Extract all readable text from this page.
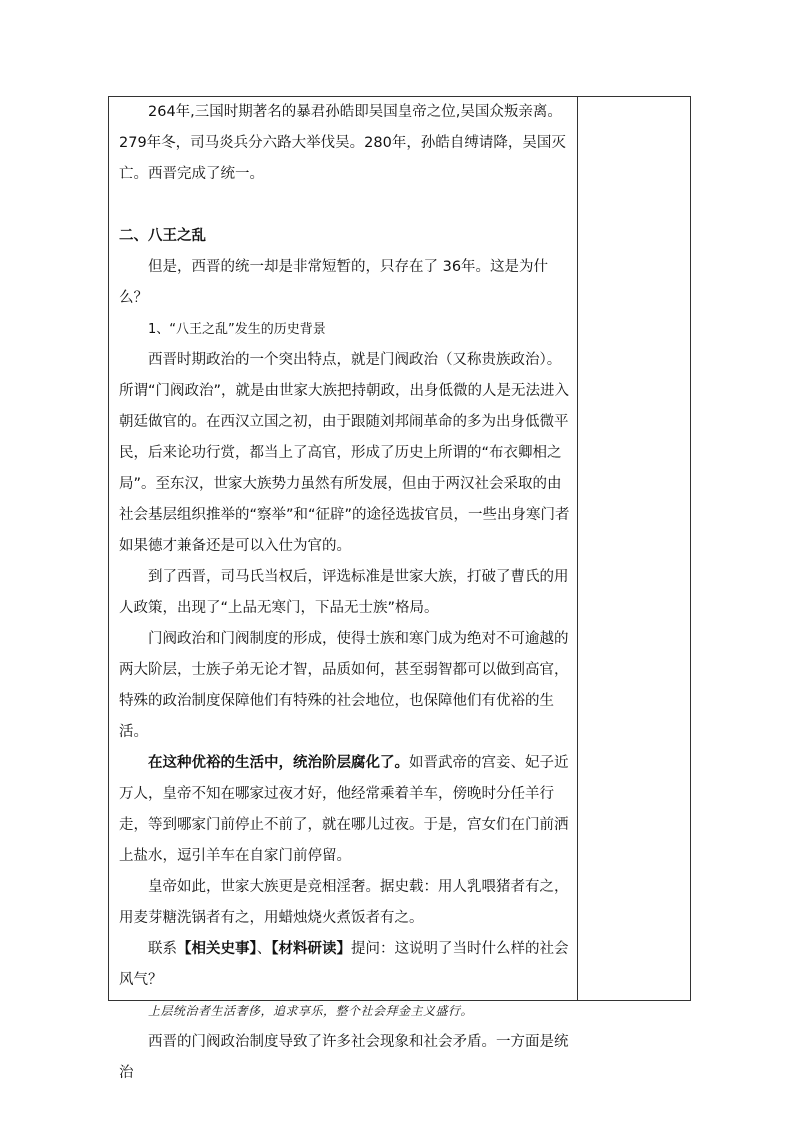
264年,三国时期著名的暴君孙皓即吴国皇帝之位,吴国众叛亲离。279年冬，司马炎兵分六路大举伐吴。280年，孙皓自缚请降，吴国灭亡。西晋完成了统一。

二、八王之乱

但是，西晋的统一却是非常短暂的，只存在了 36年。这是为什么？

1、“八王之乱”发生的历史背景

西晋时期政治的一个突出特点，就是门阀政治（又称贵族政治）。所谓“门阀政治”，就是由世家大族把持朝政，出身低微的人是无法进入朝廷做官的。在西汉立国之初，由于跟随刘邦闹革命的多为出身低微平民，后来论功行赏，都当上了高官，形成了历史上所谓的“布衣卿相之局”。至东汉，世家大族势力虽然有所发展，但由于两汉社会采取的由社会基层组织推举的“察举”和“征辟”的途径选拔官员，一些出身寒门者如果德才兼备还是可以入仕为官的。

到了西晋，司马氏当权后，评选标准是世家大族，打破了曹氏的用人政策，出现了“上品无寒门，下品无士族”格局。

门阀政治和门阀制度的形成，使得士族和寒门成为绝对不可逾越的两大阶层，士族子弟无论才智，品质如何，甚至弱智都可以做到高官，特殊的政治制度保障他们有特殊的社会地位，也保障他们有优裕的生活。

在这种优裕的生活中，统治阶层腐化了。如晋武帝的宫妾、妃子近万人，皇帝不知在哪家过夜才好，他经常乘着羊车，傍晚时分任羊行走，等到哪家门前停止不前了，就在哪儿过夜。于是，宫女们在门前洒上盐水，逗引羊车在自家门前停留。

皇帝如此，世家大族更是竞相淫奢。据史载：用人乳喂猪者有之，用麦芽糖洗锅者有之，用蜡烛烧火煮饭者有之。

联系【相关史事】、【材料研读】提问：这说明了当时什么样的社会风气？

上层统治者生活奢侈，追求享乐，整个社会拜金主义盛行。

西晋的门阀政治制度导致了许多社会现象和社会矛盾。一方面是统治
